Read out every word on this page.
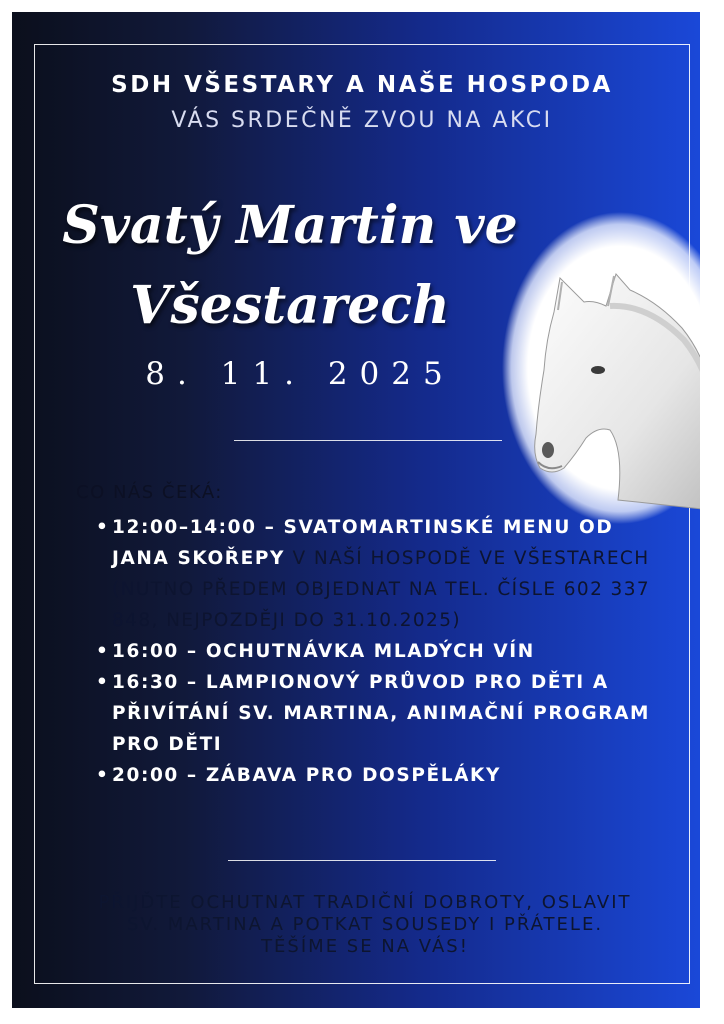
SDH VŠESTARY A NAŠE HOSPODA
VÁS SRDEČNĚ ZVOU NA AKCI
Svatý Martin ve
Všestarech
8. 11. 2025
CO NÁS ČEKÁ:
• 12:00–14:00 – SVATOMARTINSKÉ MENU OD JANA SKOŘEPY V NAŠÍ HOSPODĚ VE VŠESTARECH (NUTNO PŘEDEM OBJEDNAT NA TEL. ČÍSLE 602 337 848, NEJPOZDĚJI DO 31.10.2025)
• 16:00 – OCHUTNÁVKA MLADÝCH VÍN
• 16:30 – LAMPIONOVÝ PRŮVOD PRO DĚTI A PŘIVÍTÁNÍ SV. MARTINA, ANIMAČNÍ PROGRAM PRO DĚTI
• 20:00 – ZÁBAVA PRO DOSPĚLÁKY
PŘIJĎTE OCHUTNAT TRADIČNÍ DOBROTY, OSLAVIT
SV. MARTINA A POTKAT SOUSEDY I PŘÁTELE.
TĚŠÍME SE NA VÁS!
